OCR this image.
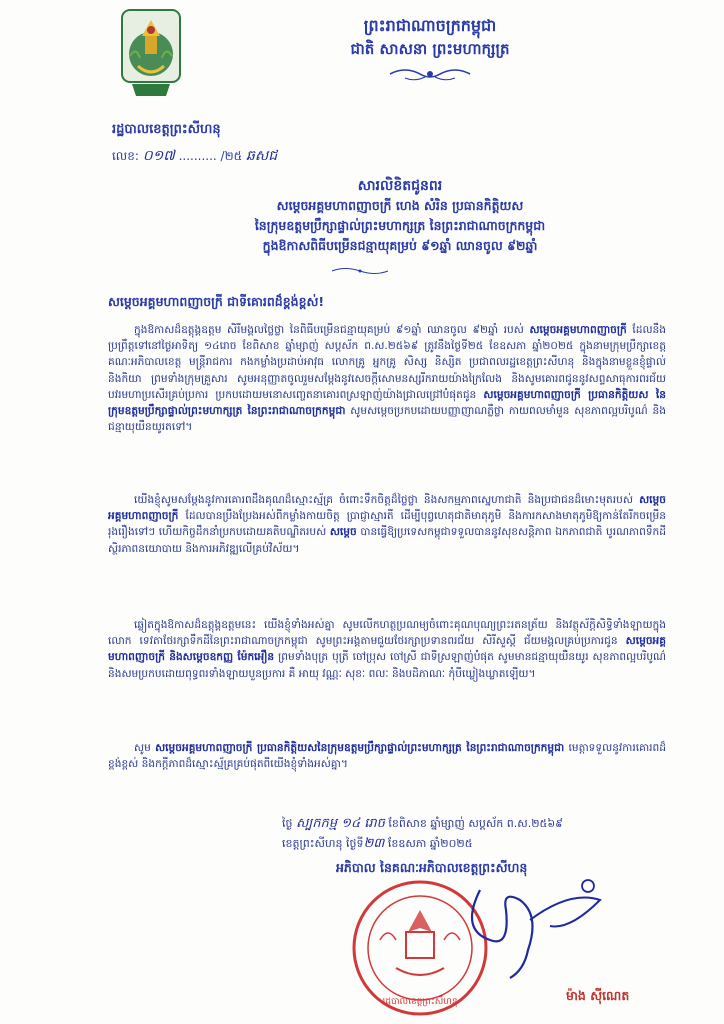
ព្រះរាជាណាចក្រកម្ពុជា
ជាតិ សាសនា ព្រះមហាក្សត្រ
រដ្ឋបាលខេត្តព្រះសីហនុ
លេខ: ០១៧ .......... /២៥ ឆសជ
សារលិខិតជូនពរ
សម្តេចអគ្គមហាពញាចក្រី ហេង សំរិន ប្រធានកិត្តិយស
នៃក្រុមឧត្តមប្រឹក្សាផ្ទាល់ព្រះមហាក្សត្រ នៃព្រះរាជាណាចក្រកម្ពុជា
ក្នុងឱកាសពិធីបម្រើនជន្មាយុគម្រប់ ៩១ឆ្នាំ ឈានចូល ៩២ឆ្នាំ
សម្តេចអគ្គមហាពញាចក្រី ជាទីគោរពដ៏ខ្ពង់ខ្ពស់!
ក្នុងឱកាសដ៏ឧត្តុង្គឧត្តម សិរីមង្គលថ្លៃថ្លា នៃពិធីបម្រើនជន្មាយុគម្រប់ ៩១ឆ្នាំ ឈានចូល ៩២ឆ្នាំ របស់ សម្តេចអគ្គមហាពញាចក្រី ដែលនឹងប្រព្រឹត្តទៅនៅថ្ងៃអាទិត្យ ១៤រោច ខែពិសាខ ឆ្នាំម្សាញ់ សប្តស័ក ព.ស.២៥៦៩ ត្រូវនឹងថ្ងៃទី២៥ ខែឧសភា ឆ្នាំ២០២៥ ក្នុងនាមក្រុមប្រឹក្សាខេត្ត គណៈអភិបាលខេត្ត មន្ត្រីរាជការ កងកម្លាំងប្រដាប់អាវុធ លោកគ្រូ អ្នកគ្រូ សិស្ស និស្សិត ប្រជាពលរដ្ឋខេត្តព្រះសីហនុ និងក្នុងនាមខ្លួនខ្ញុំផ្ទាល់ និងកិយា ព្រមទាំងក្រុមគ្រួសារ សូមអនុញ្ញាតចូលរួមសម្តែងនូវសេចក្តីសោមនស្សរីករាយយ៉ាងក្រៃលែង និងសូមគោរពជូននូវសព្ទសាធុការពរជ័យ បវរមហាប្រសើរគ្រប់ប្រការ ប្រកបដោយមនោសញ្ចេតនាគោរពស្រឡាញ់យ៉ាងជ្រាលជ្រៅបំផុតជូន សម្តេចអគ្គមហាពញាចក្រី ប្រធានកិត្តិយស នៃក្រុមឧត្តមប្រឹក្សាផ្ទាល់ព្រះមហាក្សត្រ នៃព្រះរាជាណាចក្រកម្ពុជា សូមសម្តេចប្រកបដោយបញ្ញាញាណភ្លឺថ្លា កាយពលមាំមួន សុខភាពល្អបរិបូណ៌ និងជន្មាយុយឺនយូរតទៅ។
យើងខ្ញុំសូមសម្តែងនូវការគោរពដឹងគុណដ៏ស្មោះស្ម័គ្រ ចំពោះទឹកចិត្តដ៏ថ្លៃថ្លា និងសកម្មភាពស្នេហាជាតិ និងប្រជាជនដ៏មោះមុតរបស់ សម្តេចអគ្គមហាពញាចក្រី ដែលបានប្រឹងប្រែងអស់ពីកម្លាំងកាយចិត្ត ប្រាជ្ញាស្មារតី ដើម្បីបុព្វហេតុជាតិមាតុភូមិ និងការកសាងមាតុភូមិឱ្យកាន់តែរីកចម្រើនរុងរឿងទៅៗ ហើយកិច្ចដឹកនាំប្រកបដោយគតិបណ្ឌិតរបស់ សម្តេច បានធ្វើឱ្យប្រទេសកម្ពុជាទទួលបាននូវសុខសន្តិភាព ឯកភាពជាតិ បូរណភាពទឹកដី ស្ថិរភាពនយោបាយ និងការអភិវឌ្ឍលើគ្រប់វិស័យ។
ឆ្លៀតក្នុងឱកាសដ៏ឧត្តុង្គឧត្តមនេះ យើងខ្ញុំទាំងអស់គ្នា សូមលើកហត្ថប្រណម្យចំពោះគុណបុណ្យព្រះរតនត្រ័យ និងវត្ថុស័ក្តិសិទ្ធិទាំងឡាយក្នុងលោក ទេវតាថែរក្សាទឹកដីនៃព្រះរាជាណាចក្រកម្ពុជា សូមព្រះអង្គតាមជួយថែរក្សាប្រទានពរជ័យ សិរីសួស្តី ជ័យមង្គលគ្រប់ប្រការជូន សម្តេចអគ្គមហាពញាចក្រី និងសម្តេចឧកញ្ញ ម៉ែកអឿន ព្រមទាំងបុត្រ បុត្រី ចៅប្រុស ចៅស្រី ជាទីស្រឡាញ់បំផុត សូមមានជន្មាយុយឺនយូរ សុខភាពល្អបរិបូណ៌ និងសមប្រកបដោយពុទ្ធពរទាំងឡាយបួនប្រការ គឺ អាយុ វណ្ណៈ សុខៈ ពលៈ និងបដិភាណៈ កុំបីឃ្លៀងឃ្លាតឡើយ។
សូម សម្តេចអគ្គមហាពញាចក្រី ប្រធានកិត្តិយសនៃក្រុមឧត្តមប្រឹក្សាផ្ទាល់ព្រះមហាក្សត្រ នៃព្រះរាជាណាចក្រកម្ពុជា មេត្តាទទួលនូវការគោរពដ៏ខ្ពង់ខ្ពស់ និងកក្តីភាពដ៏ស្មោះស្ម័គ្រគ្រប់ផុតពីយើងខ្ញុំទាំងអស់គ្នា។
ថ្ងៃ ស្បកកម្ម ១៤ រោច ខែពិសាខ ឆ្នាំម្សាញ់ សប្តស័ក ព.ស.២៥៦៩
ខេត្តព្រះសីហនុ ថ្ងៃទី២៣ ខែឧសភា ឆ្នាំ២០២៥
អភិបាល នៃគណៈអភិបាលខេត្តព្រះសីហនុ
រដ្ឋបាលខេត្តព្រះសីហនុ	ម៉ាង ស៊ីណេត
